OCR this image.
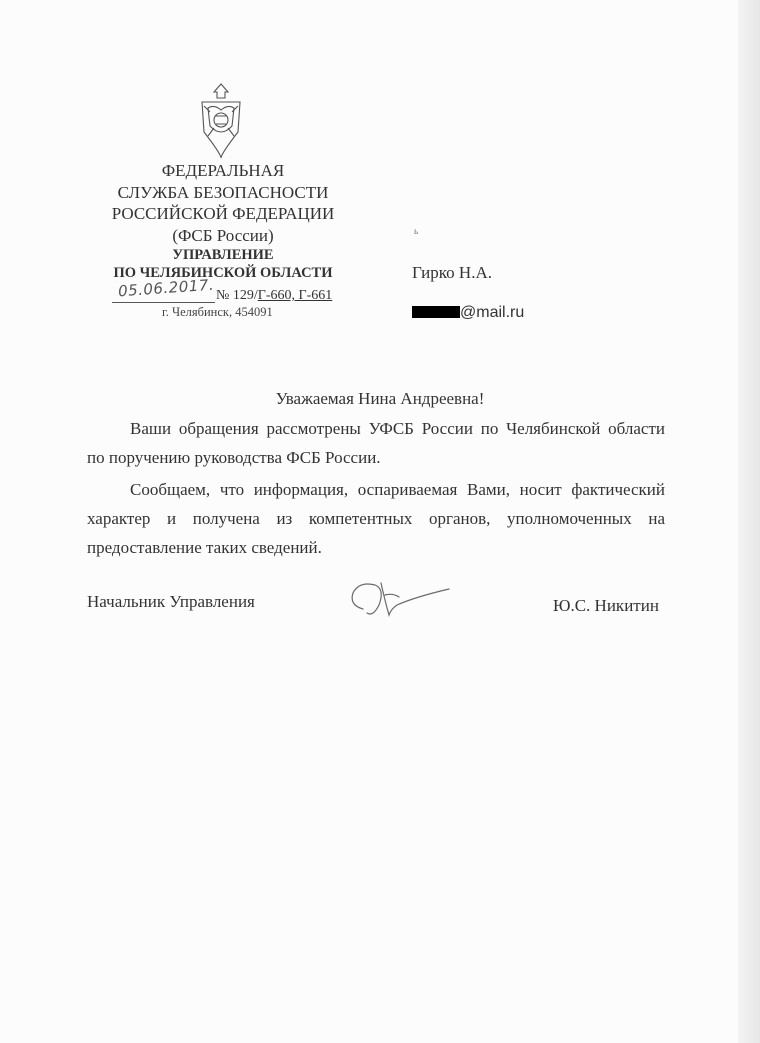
ФЕДЕРАЛЬНАЯ
СЛУЖБА БЕЗОПАСНОСТИ
РОССИЙСКОЙ ФЕДЕРАЦИИ
(ФСБ России)
УПРАВЛЕНИЕ
ПО ЧЕЛЯБИНСКОЙ ОБЛАСТИ
05.06.2017. № 129/Г-660, Г-661
г. Челябинск, 454091
ь
Гирко Н.А.
@mail.ru
Уважаемая Нина Андреевна!
Ваши обращения рассмотрены УФСБ России по Челябинской области
по поручению руководства ФСБ России.
Сообщаем, что информация, оспариваемая Вами, носит фактический
характер и получена из компетентных органов, уполномоченных на
предоставление таких сведений.
Начальник Управления	Ю.С. Никитин
